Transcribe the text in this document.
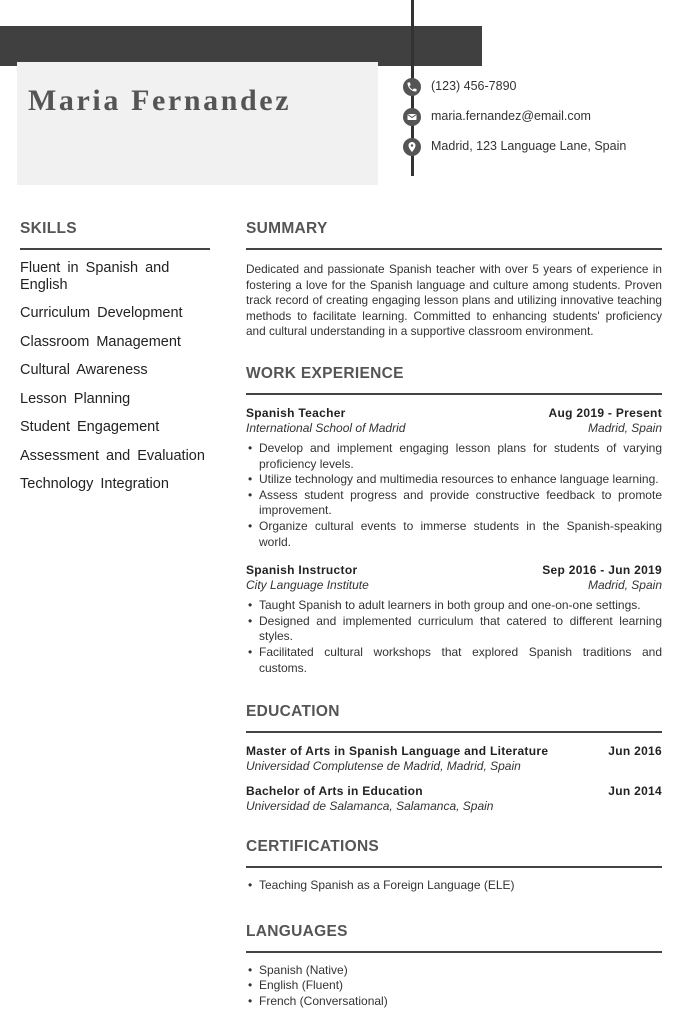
Maria Fernandez	(123) 456-7890
maria.fernandez@email.com
Madrid, 123 Language Lane, Spain
SKILLS
Fluent in Spanish and English
Curriculum Development
Classroom Management
Cultural Awareness
Lesson Planning
Student Engagement
Assessment and Evaluation
Technology Integration
SUMMARY

Dedicated and passionate Spanish teacher with over 5 years of experience in fostering a love for the Spanish language and culture among students. Proven track record of creating engaging lesson plans and utilizing innovative teaching methods to facilitate learning. Committed to enhancing students' proficiency and cultural understanding in a supportive classroom environment.

WORK EXPERIENCE
Spanish Teacher	Aug 2019 - Present
International School of Madrid	Madrid, Spain
• Develop and implement engaging lesson plans for students of varying proficiency levels.
• Utilize technology and multimedia resources to enhance language learning.
• Assess student progress and provide constructive feedback to promote improvement.
• Organize cultural events to immerse students in the Spanish-speaking world.
Spanish Instructor	Sep 2016 - Jun 2019
City Language Institute	Madrid, Spain
• Taught Spanish to adult learners in both group and one-on-one settings.
• Designed and implemented curriculum that catered to different learning styles.
• Facilitated cultural workshops that explored Spanish traditions and customs.
EDUCATION
Master of Arts in Spanish Language and Literature	Jun 2016
Universidad Complutense de Madrid, Madrid, Spain
Bachelor of Arts in Education	Jun 2014
Universidad de Salamanca, Salamanca, Spain
CERTIFICATIONS
• Teaching Spanish as a Foreign Language (ELE)
LANGUAGES
• Spanish (Native)
• English (Fluent)
• French (Conversational)
